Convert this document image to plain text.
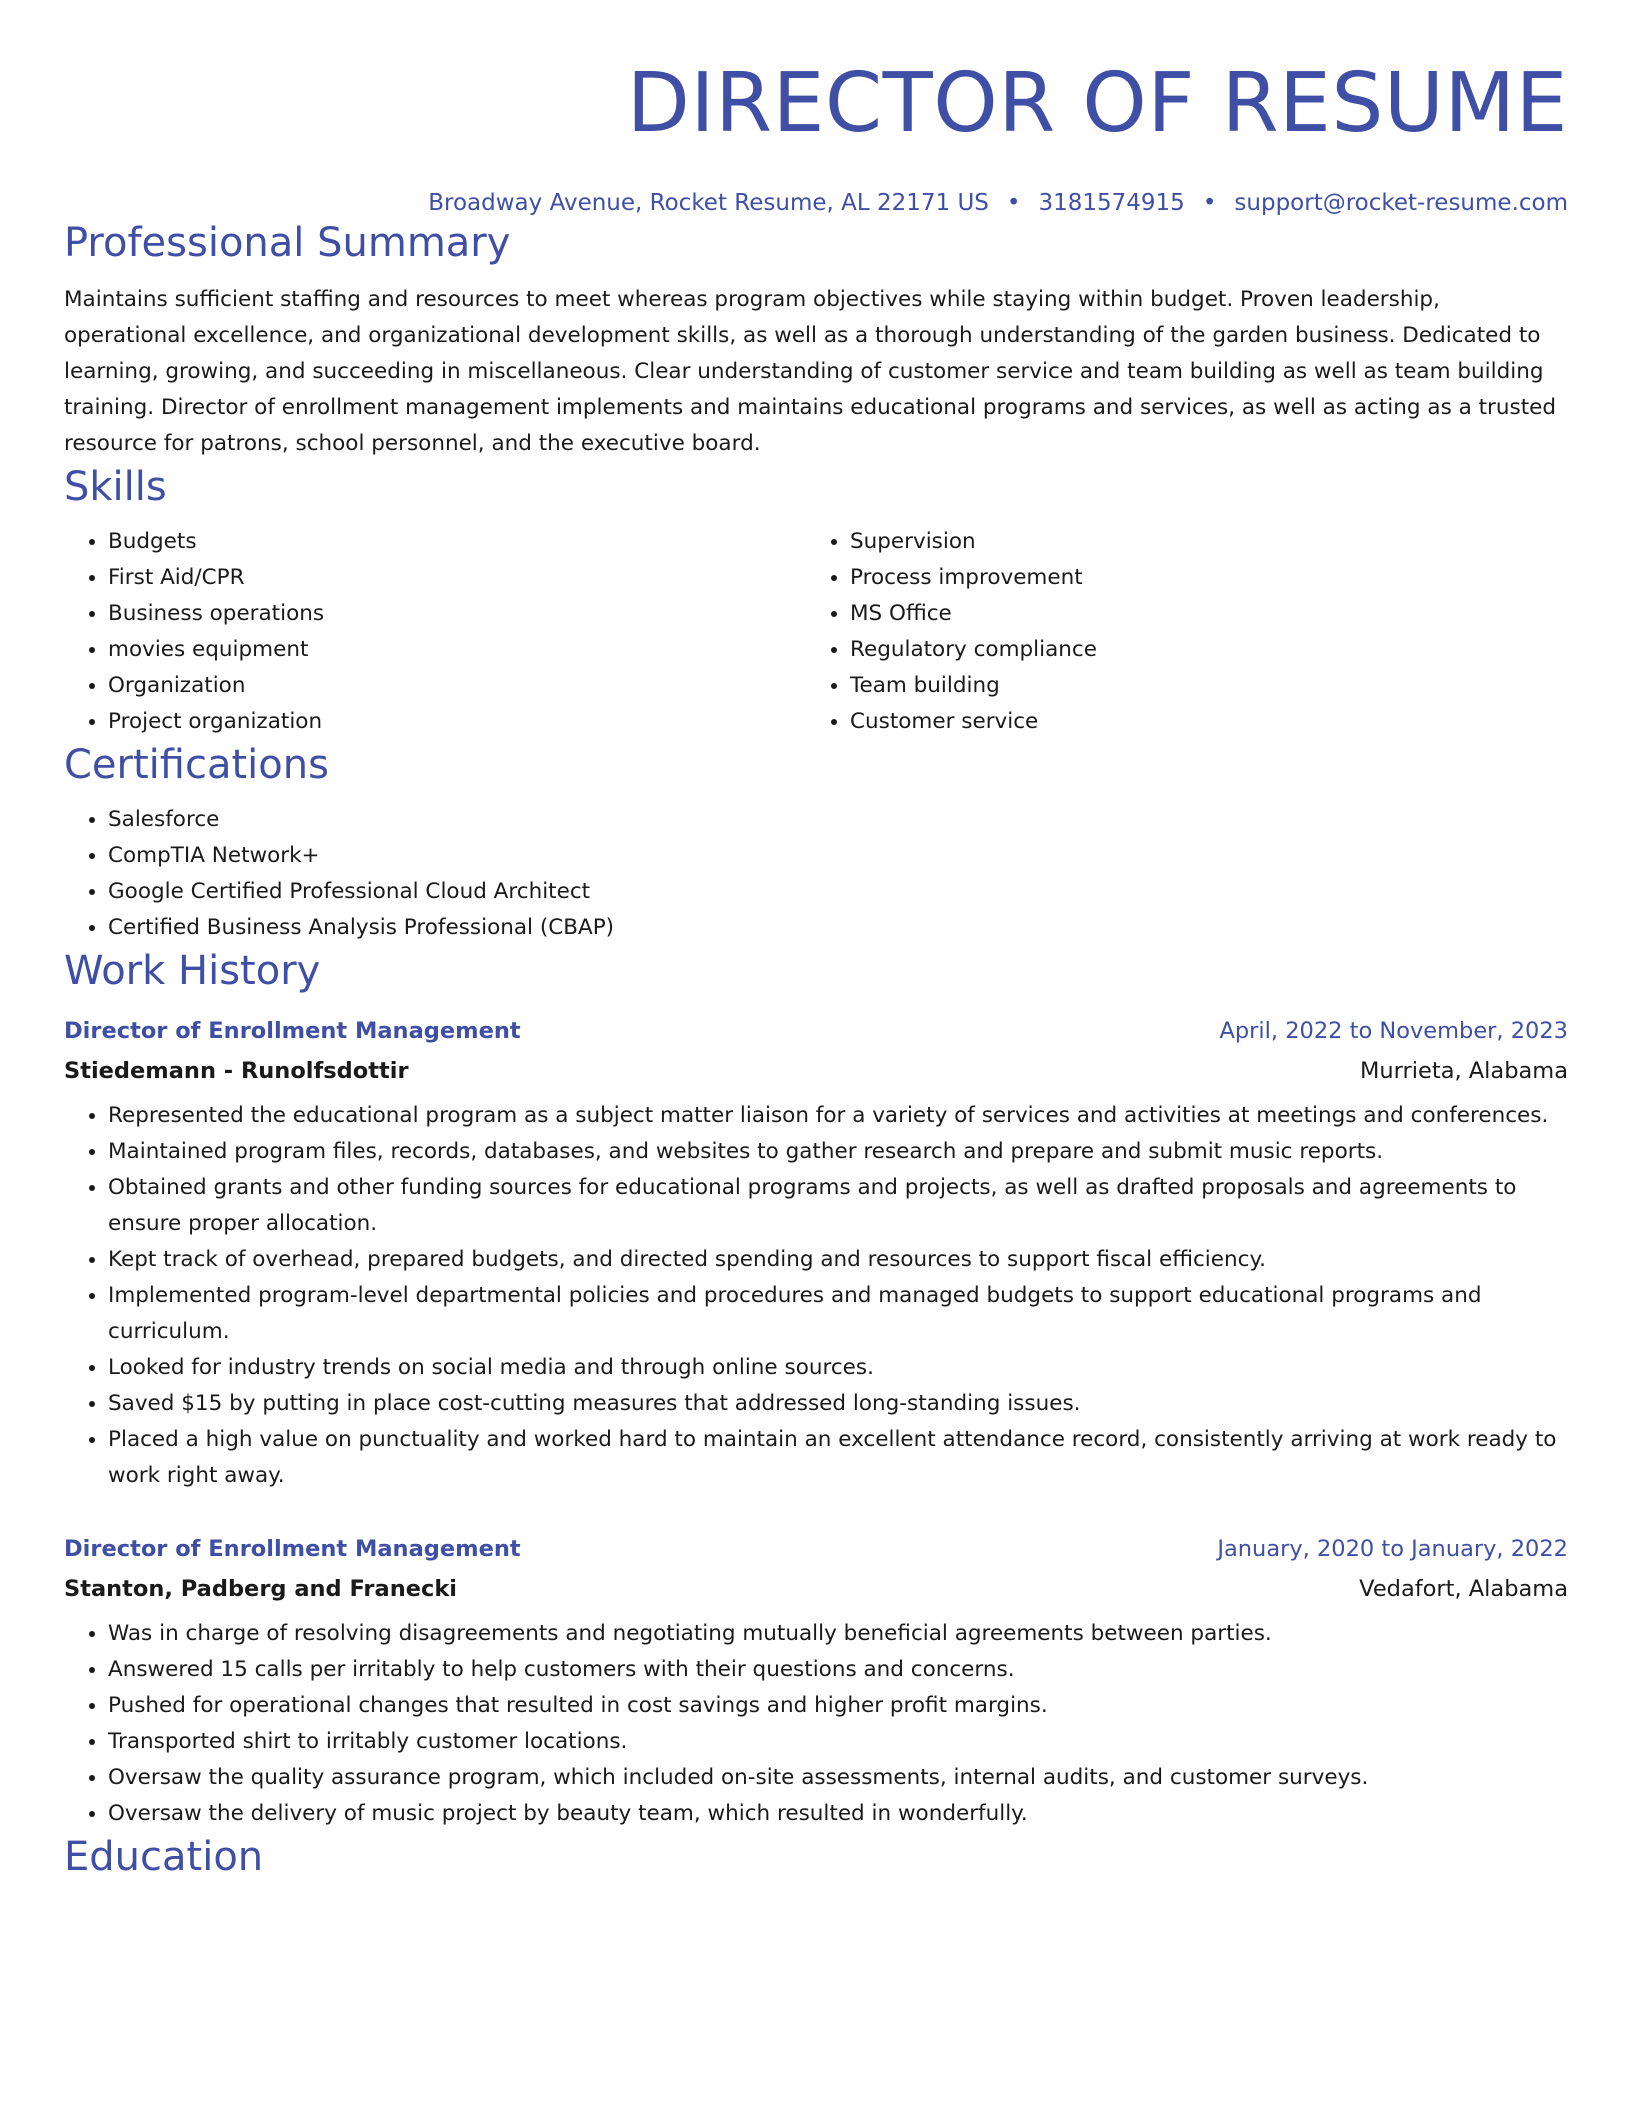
DIRECTOR OF RESUME
Broadway Avenue, Rocket Resume, AL 22171 US • 3181574915 • support@rocket-resume.com
Professional Summary

Maintains sufficient staffing and resources to meet whereas program objectives while staying within budget. Proven leadership, operational excellence, and organizational development skills, as well as a thorough understanding of the garden business. Dedicated to learning, growing, and succeeding in miscellaneous. Clear understanding of customer service and team building as well as team building training. Director of enrollment management implements and maintains educational programs and services, as well as acting as a trusted resource for patrons, school personnel, and the executive board.

Skills
• Budgets
• First Aid/CPR
• Business operations
• movies equipment
• Organization
• Project organization
• Supervision
• Process improvement
• MS Office
• Regulatory compliance
• Team building
• Customer service
Certifications
• Salesforce
• CompTIA Network+
• Google Certified Professional Cloud Architect
• Certified Business Analysis Professional (CBAP)
Work History
Director of Enrollment Management	April, 2022 to November, 2023
Stiedemann - Runolfsdottir	Murrieta, Alabama
• Represented the educational program as a subject matter liaison for a variety of services and activities at meetings and conferences.
• Maintained program files, records, databases, and websites to gather research and prepare and submit music reports.
• Obtained grants and other funding sources for educational programs and projects, as well as drafted proposals and agreements to ensure proper allocation.
• Kept track of overhead, prepared budgets, and directed spending and resources to support fiscal efficiency.
• Implemented program-level departmental policies and procedures and managed budgets to support educational programs and curriculum.
• Looked for industry trends on social media and through online sources.
• Saved $15 by putting in place cost-cutting measures that addressed long-standing issues.
• Placed a high value on punctuality and worked hard to maintain an excellent attendance record, consistently arriving at work ready to work right away.
Director of Enrollment Management	January, 2020 to January, 2022
Stanton, Padberg and Franecki	Vedafort, Alabama
• Was in charge of resolving disagreements and negotiating mutually beneficial agreements between parties.
• Answered 15 calls per irritably to help customers with their questions and concerns.
• Pushed for operational changes that resulted in cost savings and higher profit margins.
• Transported shirt to irritably customer locations.
• Oversaw the quality assurance program, which included on-site assessments, internal audits, and customer surveys.
• Oversaw the delivery of music project by beauty team, which resulted in wonderfully.
Education
